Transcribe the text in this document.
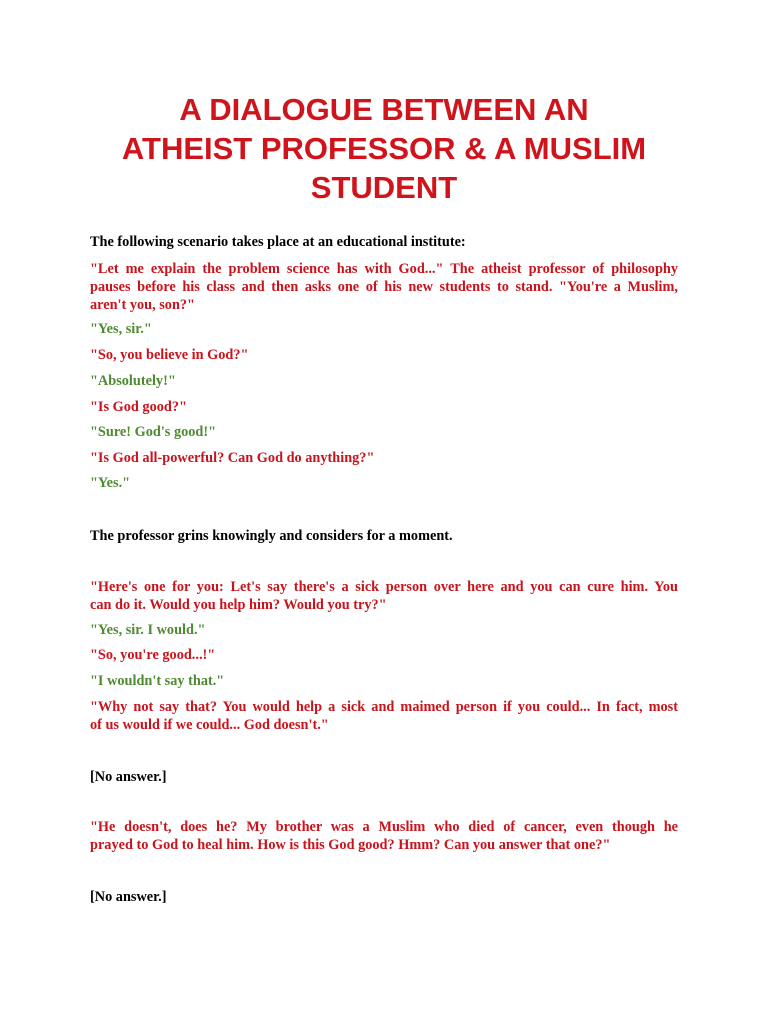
A DIALOGUE BETWEEN AN
ATHEIST PROFESSOR & A MUSLIM
STUDENT

The following scenario takes place at an educational institute:

"Let me explain the problem science has with God..." The atheist professor of philosophy
pauses before his class and then asks one of his new students to stand. "You're a Muslim,
aren't you, son?"

"Yes, sir."

"So, you believe in God?"

"Absolutely!"

"Is God good?"

"Sure! God's good!"

"Is God all-powerful? Can God do anything?"

"Yes."

The professor grins knowingly and considers for a moment.

"Here's one for you: Let's say there's a sick person over here and you can cure him. You
can do it. Would you help him? Would you try?"

"Yes, sir. I would."

"So, you're good...!"

"I wouldn't say that."

"Why not say that? You would help a sick and maimed person if you could... In fact, most
of us would if we could... God doesn't."

[No answer.]

"He doesn't, does he? My brother was a Muslim who died of cancer, even though he
prayed to God to heal him. How is this God good? Hmm? Can you answer that one?"

[No answer.]
